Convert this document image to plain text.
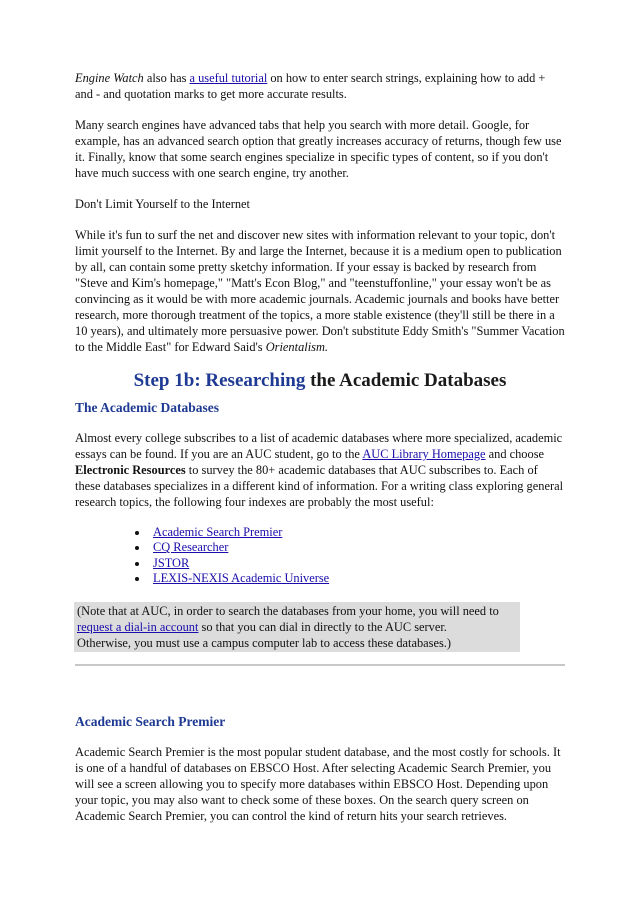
Engine Watch also has a useful tutorial on how to enter search strings, explaining how to add + and - and quotation marks to get more accurate results.

Many search engines have advanced tabs that help you search with more detail. Google, for example, has an advanced search option that greatly increases accuracy of returns, though few use it. Finally, know that some search engines specialize in specific types of content, so if you don't have much success with one search engine, try another.

Don't Limit Yourself to the Internet

While it's fun to surf the net and discover new sites with information relevant to your topic, don't limit yourself to the Internet. By and large the Internet, because it is a medium open to publication by all, can contain some pretty sketchy information. If your essay is backed by research from "Steve and Kim's homepage," "Matt's Econ Blog," and "teenstuffonline," your essay won't be as convincing as it would be with more academic journals. Academic journals and books have better research, more thorough treatment of the topics, a more stable existence (they'll still be there in a 10 years), and ultimately more persuasive power. Don't substitute Eddy Smith's "Summer Vacation to the Middle East" for Edward Said's Orientalism.

Step 1b: Researching the Academic Databases
The Academic Databases

Almost every college subscribes to a list of academic databases where more specialized, academic essays can be found. If you are an AUC student, go to the AUC Library Homepage and choose Electronic Resources to survey the 80+ academic databases that AUC subscribes to. Each of these databases specializes in a different kind of information. For a writing class exploring general research topics, the following four indexes are probably the most useful:

Academic Search Premier
CQ Researcher
JSTOR
LEXIS-NEXIS Academic Universe
(Note that at AUC, in order to search the databases from your home, you will need to request a dial-in account so that you can dial in directly to the AUC server.
Otherwise, you must use a campus computer lab to access these databases.)
Academic Search Premier

Academic Search Premier is the most popular student database, and the most costly for schools. It is one of a handful of databases on EBSCO Host. After selecting Academic Search Premier, you will see a screen allowing you to specify more databases within EBSCO Host. Depending upon your topic, you may also want to check some of these boxes. On the search query screen on Academic Search Premier, you can control the kind of return hits your search retrieves.
